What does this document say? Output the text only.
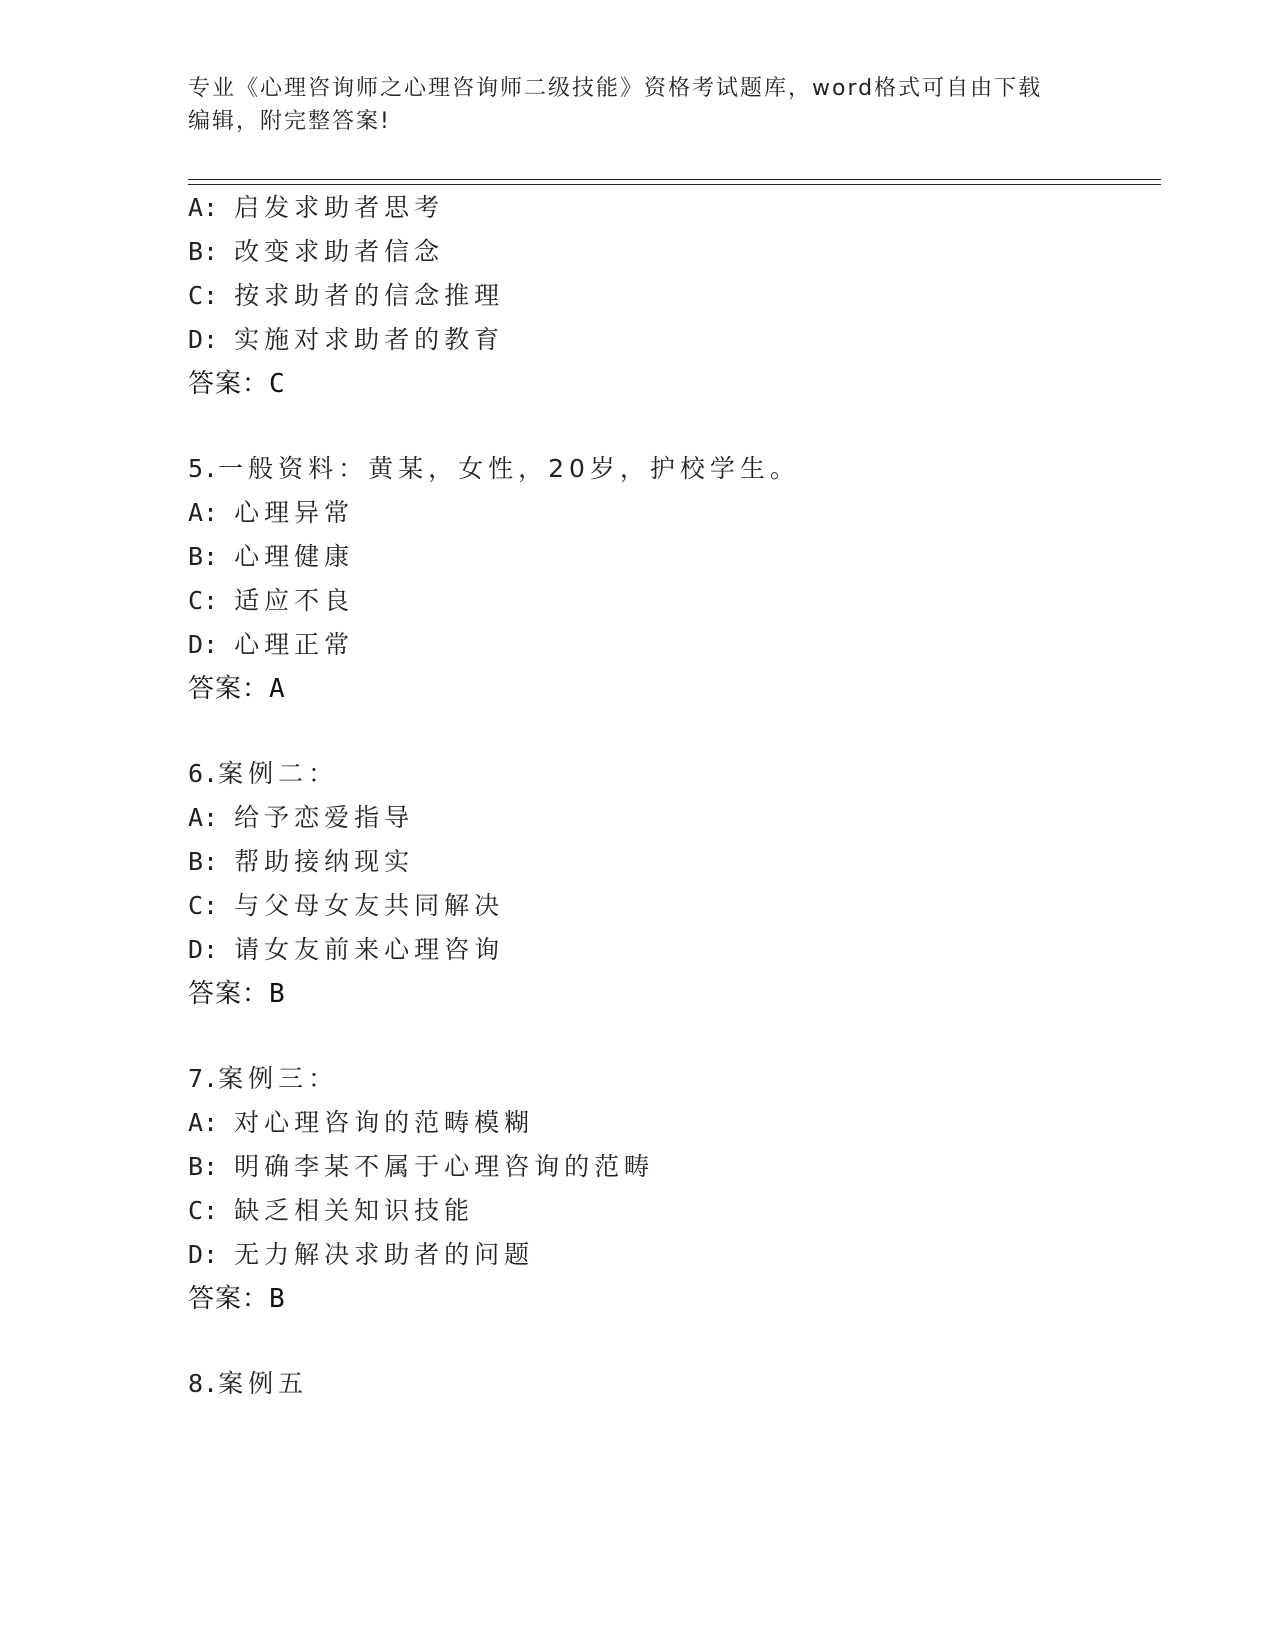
专业《心理咨询师之心理咨询师二级技能》资格考试题库，word格式可自由下载
编辑，附完整答案!
A: 启发求助者思考
B: 改变求助者信念
C: 按求助者的信念推理
D: 实施对求助者的教育
答案：C
5.一般资料：黄某，女性，20岁，护校学生。
A: 心理异常
B: 心理健康
C: 适应不良
D: 心理正常
答案：A
6.案例二：
A: 给予恋爱指导
B: 帮助接纳现实
C: 与父母女友共同解决
D: 请女友前来心理咨询
答案：B
7.案例三：
A: 对心理咨询的范畴模糊
B: 明确李某不属于心理咨询的范畴
C: 缺乏相关知识技能
D: 无力解决求助者的问题
答案：B
8.案例五
